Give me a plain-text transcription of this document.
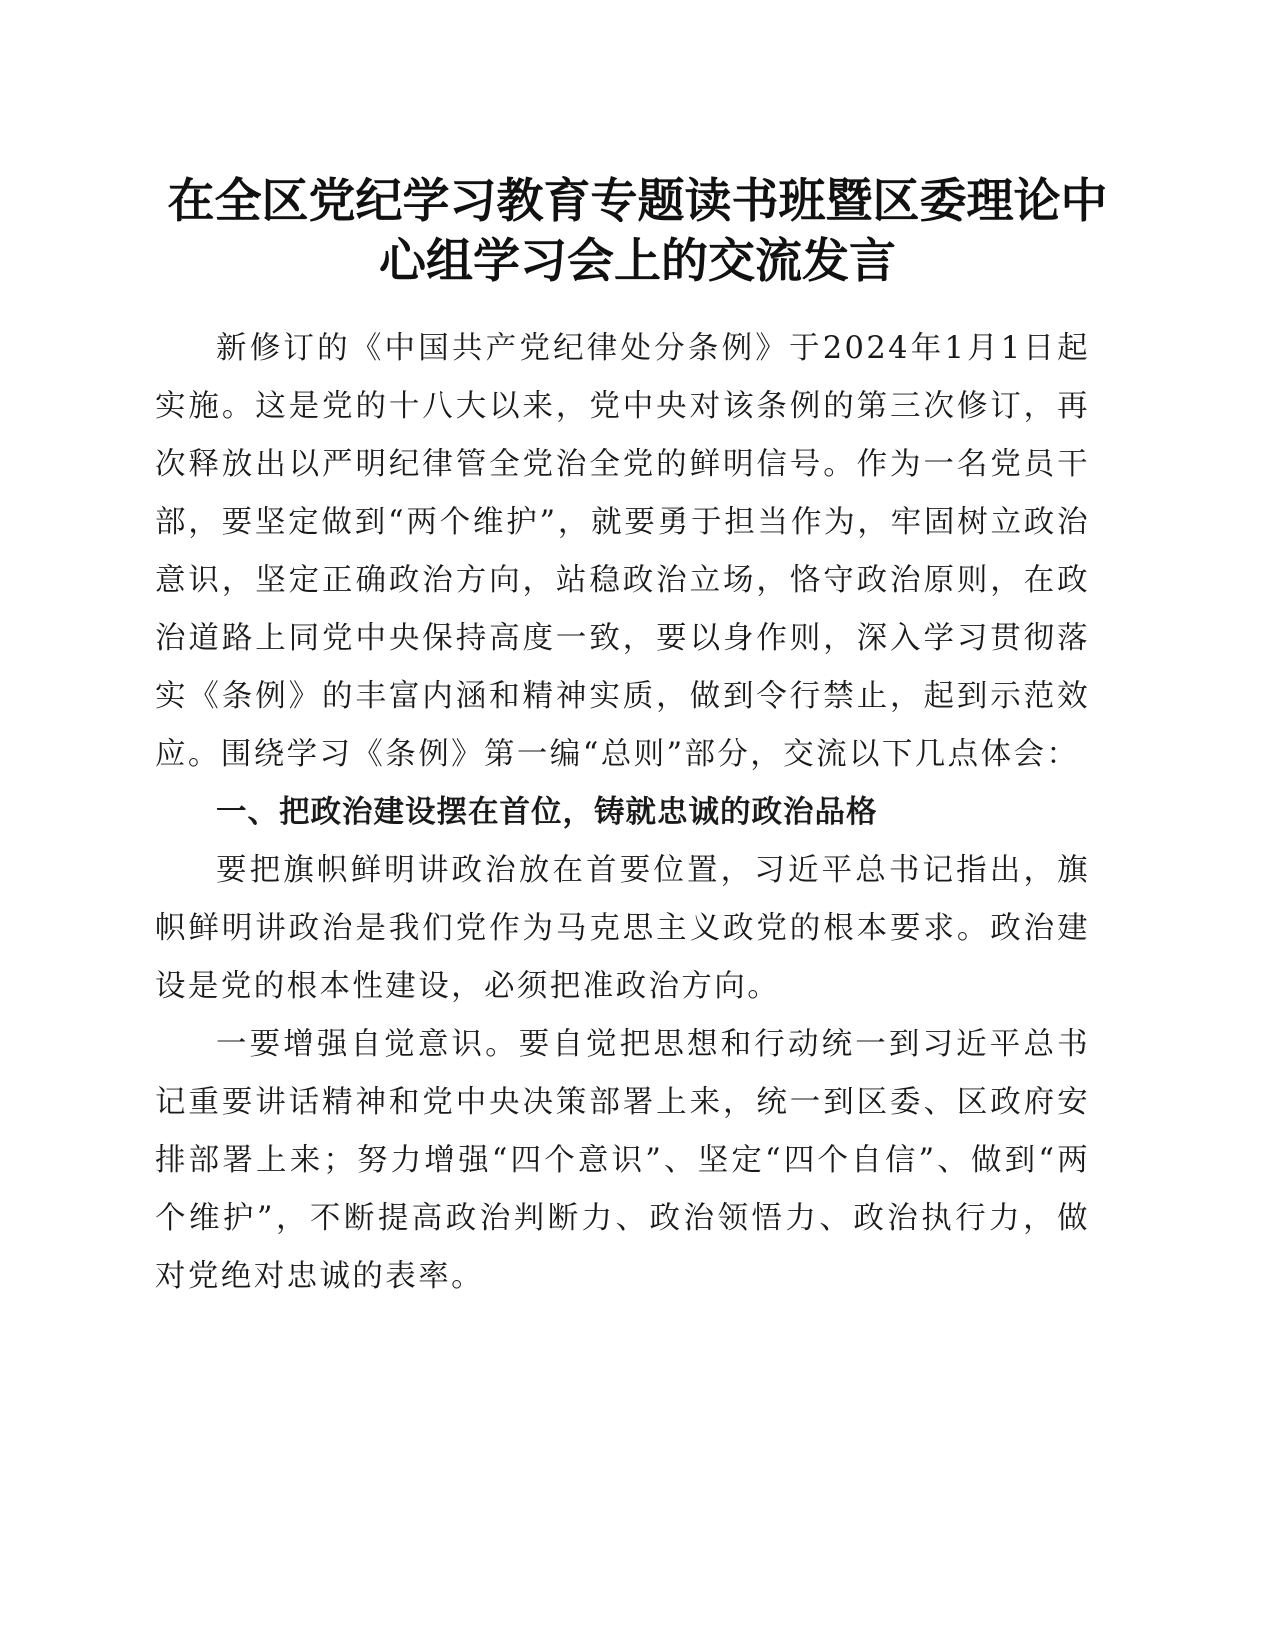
在全区党纪学习教育专题读书班暨区委理论中
心组学习会上的交流发言

新修订的《中国共产党纪律处分条例》于2024年1月1日起实施。这是党的十八大以来，党中央对该条例的第三次修订，再次释放出以严明纪律管全党治全党的鲜明信号。作为一名党员干部，要坚定做到“两个维护”，就要勇于担当作为，牢固树立政治意识，坚定正确政治方向，站稳政治立场，恪守政治原则，在政治道路上同党中央保持高度一致，要以身作则，深入学习贯彻落实《条例》的丰富内涵和精神实质，做到令行禁止，起到示范效应。围绕学习《条例》第一编“总则”部分，交流以下几点体会：

一、把政治建设摆在首位，铸就忠诚的政治品格

要把旗帜鲜明讲政治放在首要位置，习近平总书记指出，旗帜鲜明讲政治是我们党作为马克思主义政党的根本要求。政治建设是党的根本性建设，必须把准政治方向。

一要增强自觉意识。要自觉把思想和行动统一到习近平总书记重要讲话精神和党中央决策部署上来，统一到区委、区政府安排部署上来；努力增强“四个意识”、坚定“四个自信”、做到“两个维护”，不断提高政治判断力、政治领悟力、政治执行力，做对党绝对忠诚的表率。
